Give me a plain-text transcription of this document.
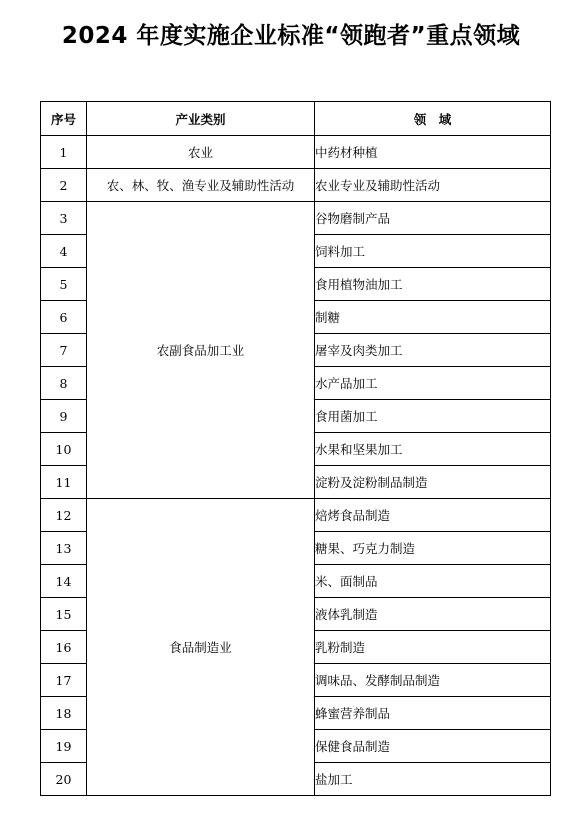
2024 年度实施企业标准“领跑者”重点领域
序号	产业类别	领　域
1	农业	中药材种植
2	农、林、牧、渔专业及辅助性活动	农业专业及辅助性活动
3	农副食品加工业	谷物磨制产品
4		饲料加工
5		食用植物油加工
6		制糖
7		屠宰及肉类加工
8		水产品加工
9		食用菌加工
10		水果和坚果加工
11		淀粉及淀粉制品制造
12	食品制造业	焙烤食品制造
13		糖果、巧克力制造
14		米、面制品
15		液体乳制造
16		乳粉制造
17		调味品、发酵制品制造
18		蜂蜜营养制品
19		保健食品制造
20		盐加工
